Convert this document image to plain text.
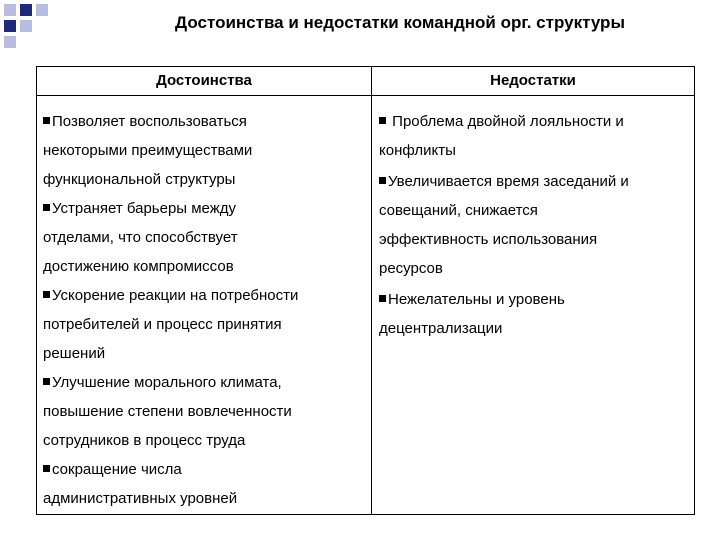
Достоинства и недостатки командной орг. структуры
Достоинства	Недостатки
Позволяет воспользоваться
некоторыми преимуществами
функциональной структуры
Устраняет барьеры между
отделами, что способствует
достижению компромиссов
Ускорение реакции на потребности
потребителей и процесс принятия
решений
Улучшение морального климата,
повышение степени вовлеченности
сотрудников в процесс труда
сокращение числа
административных уровней
Проблема двойной лояльности и
конфликты
Увеличивается время заседаний и
совещаний, снижается
эффективность использования
ресурсов
Нежелательны и уровень
децентрализации
